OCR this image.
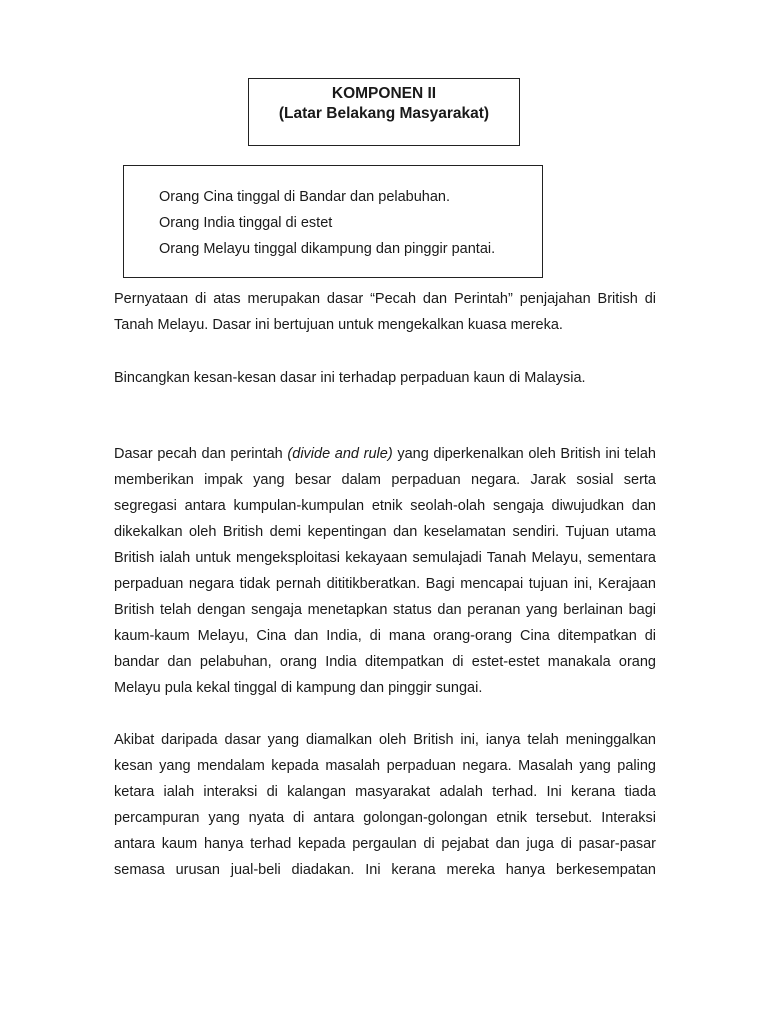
KOMPONEN II
(Latar Belakang Masyarakat)
Orang Cina tinggal di Bandar dan pelabuhan.
Orang India tinggal di estet
Orang Melayu tinggal dikampung dan pinggir pantai.

Pernyataan di atas merupakan dasar “Pecah dan Perintah” penjajahan British di Tanah Melayu. Dasar ini bertujuan untuk mengekalkan kuasa mereka.

Bincangkan kesan-kesan dasar ini terhadap perpaduan kaun di Malaysia.

Dasar pecah dan perintah (divide and rule) yang diperkenalkan oleh British ini telah memberikan impak yang besar dalam perpaduan negara. Jarak sosial serta segregasi antara kumpulan-kumpulan etnik seolah-olah sengaja diwujudkan dan dikekalkan oleh British demi kepentingan dan keselamatan sendiri. Tujuan utama British ialah untuk mengeksploitasi kekayaan semulajadi Tanah Melayu, sementara perpaduan negara tidak pernah dititikberatkan. Bagi mencapai tujuan ini, Kerajaan British telah dengan sengaja menetapkan status dan peranan yang berlainan bagi kaum-kaum Melayu, Cina dan India, di mana orang-orang Cina ditempatkan di bandar dan pelabuhan, orang India ditempatkan di estet-estet manakala orang Melayu pula kekal tinggal di kampung dan pinggir sungai.

Akibat daripada dasar yang diamalkan oleh British ini, ianya telah meninggalkan kesan yang mendalam kepada masalah perpaduan negara. Masalah yang paling ketara ialah interaksi di kalangan masyarakat adalah terhad. Ini kerana tiada percampuran yang nyata di antara golongan-golongan etnik tersebut. Interaksi antara kaum hanya terhad kepada pergaulan di pejabat dan juga di pasar-pasar semasa urusan jual-beli diadakan. Ini kerana mereka hanya berkesempatan
